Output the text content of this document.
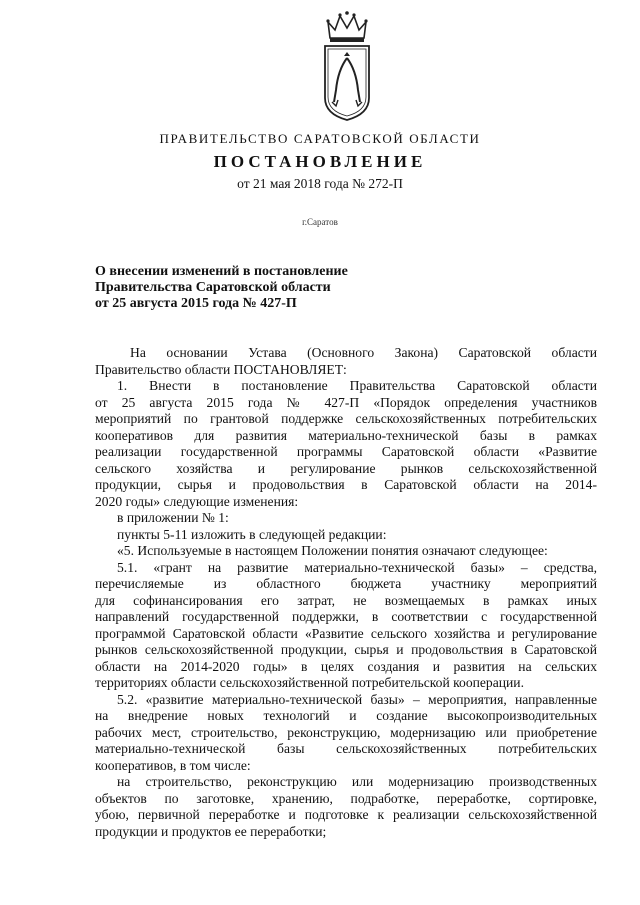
ПРАВИТЕЛЬСТВО САРАТОВСКОЙ ОБЛАСТИ
ПОСТАНОВЛЕНИЕ
от 21 мая 2018 года № 272-П
г.Саратов
О внесении изменений в постановление
Правительства Саратовской области
от 25 августа 2015 года № 427-П
На основании Устава (Основного Закона) Саратовской области
Правительство области ПОСТАНОВЛЯЕТ:
1. Внести в постановление Правительства Саратовской области
от 25 августа 2015 года № 427-П «Порядок определения участников
мероприятий по грантовой поддержке сельскохозяйственных потребительских
кооперативов для развития материально-технической базы в рамках
реализации государственной программы Саратовской области «Развитие
сельского хозяйства и регулирование рынков сельскохозяйственной
продукции, сырья и продовольствия в Саратовской области на 2014-
2020 годы» следующие изменения:
в приложении № 1:
пункты 5-11 изложить в следующей редакции:
«5. Используемые в настоящем Положении понятия означают следующее:
5.1. «грант на развитие материально-технической базы» – средства,
перечисляемые из областного бюджета участнику мероприятий
для софинансирования его затрат, не возмещаемых в рамках иных
направлений государственной поддержки, в соответствии с государственной
программой Саратовской области «Развитие сельского хозяйства и регулирование
рынков сельскохозяйственной продукции, сырья и продовольствия в Саратовской
области на 2014-2020 годы» в целях создания и развития на сельских
территориях области сельскохозяйственной потребительской кооперации.
5.2. «развитие материально-технической базы» – мероприятия, направленные
на внедрение новых технологий и создание высокопроизводительных
рабочих мест, строительство, реконструкцию, модернизацию или приобретение
материально-технической базы сельскохозяйственных потребительских
кооперативов, в том числе:
на строительство, реконструкцию или модернизацию производственных
объектов по заготовке, хранению, подработке, переработке, сортировке,
убою, первичной переработке и подготовке к реализации сельскохозяйственной
продукции и продуктов ее переработки;
